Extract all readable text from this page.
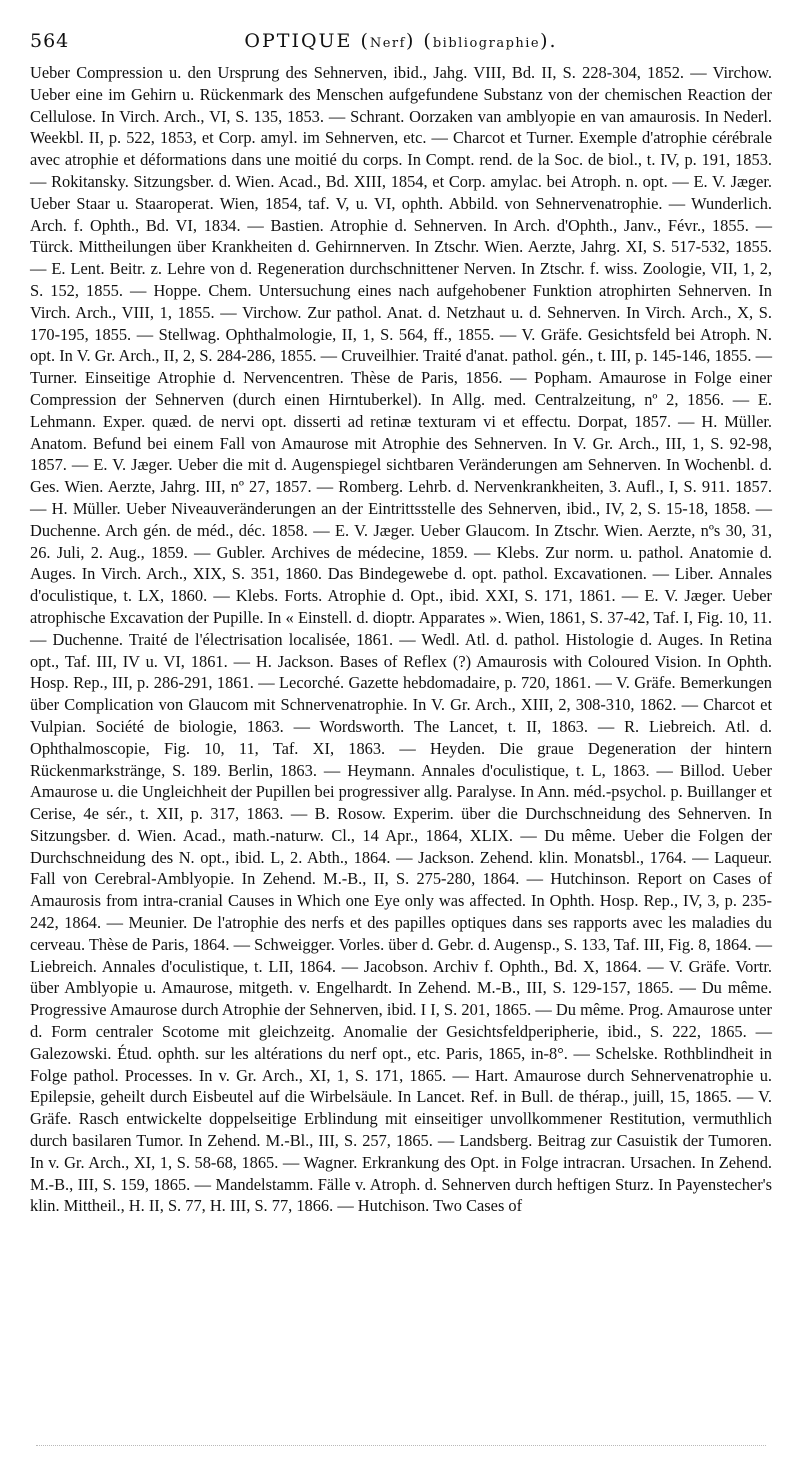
564	OPTIQUE (Nerf) (bibliographie).

Ueber Compression u. den Ursprung des Sehnerven, ibid., Jahg. VIII, Bd. II, S. 228-304, 1852. — Virchow. Ueber eine im Gehirn u. Rückenmark des Menschen aufgefundene Substanz von der chemischen Reaction der Cellulose. In Virch. Arch., VI, S. 135, 1853. — Schrant. Oorzaken van amblyopie en van amaurosis. In Nederl. Weekbl. II, p. 522, 1853, et Corp. amyl. im Sehnerven, etc. — Charcot et Turner. Exemple d'atrophie cérébrale avec atrophie et déformations dans une moitié du corps. In Compt. rend. de la Soc. de biol., t. IV, p. 191, 1853. — Rokitansky. Sitzungsber. d. Wien. Acad., Bd. XIII, 1854, et Corp. amylac. bei Atroph. n. opt. — E. V. Jæger. Ueber Staar u. Staaroperat. Wien, 1854, taf. V, u. VI, ophth. Abbild. von Sehnervenatrophie. — Wunderlich. Arch. f. Ophth., Bd. VI, 1834. — Bastien. Atrophie d. Sehnerven. In Arch. d'Ophth., Janv., Févr., 1855. — Türck. Mittheilungen über Krankheiten d. Gehirnnerven. In Ztschr. Wien. Aerzte, Jahrg. XI, S. 517-532, 1855. — E. Lent. Beitr. z. Lehre von d. Regeneration durchschnittener Nerven. In Ztschr. f. wiss. Zoologie, VII, 1, 2, S. 152, 1855. — Hoppe. Chem. Untersuchung eines nach aufgehobener Funktion atrophirten Sehnerven. In Virch. Arch., VIII, 1, 1855. — Virchow. Zur pathol. Anat. d. Netzhaut u. d. Sehnerven. In Virch. Arch., X, S. 170-195, 1855. — Stellwag. Ophthalmologie, II, 1, S. 564, ff., 1855. — V. Gräfe. Gesichtsfeld bei Atroph. N. opt. In V. Gr. Arch., II, 2, S. 284-286, 1855. — Cruveilhier. Traité d'anat. pathol. gén., t. III, p. 145-146, 1855. — Turner. Einseitige Atrophie d. Nervencentren. Thèse de Paris, 1856. — Popham. Amaurose in Folge einer Compression der Sehnerven (durch einen Hirntuberkel). In Allg. med. Centralzeitung, nº 2, 1856. — E. Lehmann. Exper. quæd. de nervi opt. disserti ad retinæ texturam vi et effectu. Dorpat, 1857. — H. Müller. Anatom. Befund bei einem Fall von Amaurose mit Atrophie des Sehnerven. In V. Gr. Arch., III, 1, S. 92-98, 1857. — E. V. Jæger. Ueber die mit d. Augenspiegel sichtbaren Veränderungen am Sehnerven. In Wochenbl. d. Ges. Wien. Aerzte, Jahrg. III, nº 27, 1857. — Romberg. Lehrb. d. Nervenkrankheiten, 3. Aufl., I, S. 911. 1857. — H. Müller. Ueber Niveauveränderungen an der Eintrittsstelle des Sehnerven, ibid., IV, 2, S. 15-18, 1858. — Duchenne. Arch gén. de méd., déc. 1858. — E. V. Jæger. Ueber Glaucom. In Ztschr. Wien. Aerzte, nºs 30, 31, 26. Juli, 2. Aug., 1859. — Gubler. Archives de médecine, 1859. — Klebs. Zur norm. u. pathol. Anatomie d. Auges. In Virch. Arch., XIX, S. 351, 1860. Das Bindegewebe d. opt. pathol. Excavationen. — Liber. Annales d'oculistique, t. LX, 1860. — Klebs. Forts. Atrophie d. Opt., ibid. XXI, S. 171, 1861. — E. V. Jæger. Ueber atrophische Excavation der Pupille. In « Einstell. d. dioptr. Apparates ». Wien, 1861, S. 37-42, Taf. I, Fig. 10, 11. — Duchenne. Traité de l'électrisation localisée, 1861. — Wedl. Atl. d. pathol. Histologie d. Auges. In Retina opt., Taf. III, IV u. VI, 1861. — H. Jackson. Bases of Reflex (?) Amaurosis with Coloured Vision. In Ophth. Hosp. Rep., III, p. 286-291, 1861. — Lecorché. Gazette hebdomadaire, p. 720, 1861. — V. Gräfe. Bemerkungen über Complication von Glaucom mit Schnervenatrophie. In V. Gr. Arch., XIII, 2, 308-310, 1862. — Charcot et Vulpian. Société de biologie, 1863. — Wordsworth. The Lancet, t. II, 1863. — R. Liebreich. Atl. d. Ophthalmoscopie, Fig. 10, 11, Taf. XI, 1863. — Heyden. Die graue Degeneration der hintern Rückenmarkstränge, S. 189. Berlin, 1863. — Heymann. Annales d'oculistique, t. L, 1863. — Billod. Ueber Amaurose u. die Ungleichheit der Pupillen bei progressiver allg. Paralyse. In Ann. méd.-psychol. p. Buillanger et Cerise, 4e sér., t. XII, p. 317, 1863. — B. Rosow. Experim. über die Durchschneidung des Sehnerven. In Sitzungsber. d. Wien. Acad., math.-naturw. Cl., 14 Apr., 1864, XLIX. — Du même. Ueber die Folgen der Durchschneidung des N. opt., ibid. L, 2. Abth., 1864. — Jackson. Zehend. klin. Monatsbl., 1764. — Laqueur. Fall von Cerebral-Amblyopie. In Zehend. M.-B., II, S. 275-280, 1864. — Hutchinson. Report on Cases of Amaurosis from intra-cranial Causes in Which one Eye only was affected. In Ophth. Hosp. Rep., IV, 3, p. 235-242, 1864. — Meunier. De l'atrophie des nerfs et des papilles optiques dans ses rapports avec les maladies du cerveau. Thèse de Paris, 1864. — Schweigger. Vorles. über d. Gebr. d. Augensp., S. 133, Taf. III, Fig. 8, 1864. — Liebreich. Annales d'oculistique, t. LII, 1864. — Jacobson. Archiv f. Ophth., Bd. X, 1864. — V. Gräfe. Vortr. über Amblyopie u. Amaurose, mitgeth. v. Engelhardt. In Zehend. M.-B., III, S. 129-157, 1865. — Du même. Progressive Amaurose durch Atrophie der Sehnerven, ibid. I I, S. 201, 1865. — Du même. Prog. Amaurose unter d. Form centraler Scotome mit gleichzeitg. Anomalie der Gesichtsfeldperipherie, ibid., S. 222, 1865. — Galezowski. Étud. ophth. sur les altérations du nerf opt., etc. Paris, 1865, in-8°. — Schelske. Rothblindheit in Folge pathol. Processes. In v. Gr. Arch., XI, 1, S. 171, 1865. — Hart. Amaurose durch Sehnervenatrophie u. Epilepsie, geheilt durch Eisbeutel auf die Wirbelsäule. In Lancet. Ref. in Bull. de thérap., juill, 15, 1865. — V. Gräfe. Rasch entwickelte doppelseitige Erblindung mit einseitiger unvollkommener Restitution, vermuthlich durch basilaren Tumor. In Zehend. M.-Bl., III, S. 257, 1865. — Landsberg. Beitrag zur Casuistik der Tumoren. In v. Gr. Arch., XI, 1, S. 58-68, 1865. — Wagner. Erkrankung des Opt. in Folge intracran. Ursachen. In Zehend. M.-B., III, S. 159, 1865. — Mandelstamm. Fälle v. Atroph. d. Sehnerven durch heftigen Sturz. In Payenstecher's klin. Mittheil., H. II, S. 77, H. III, S. 77, 1866. — Hutchison. Two Cases of
